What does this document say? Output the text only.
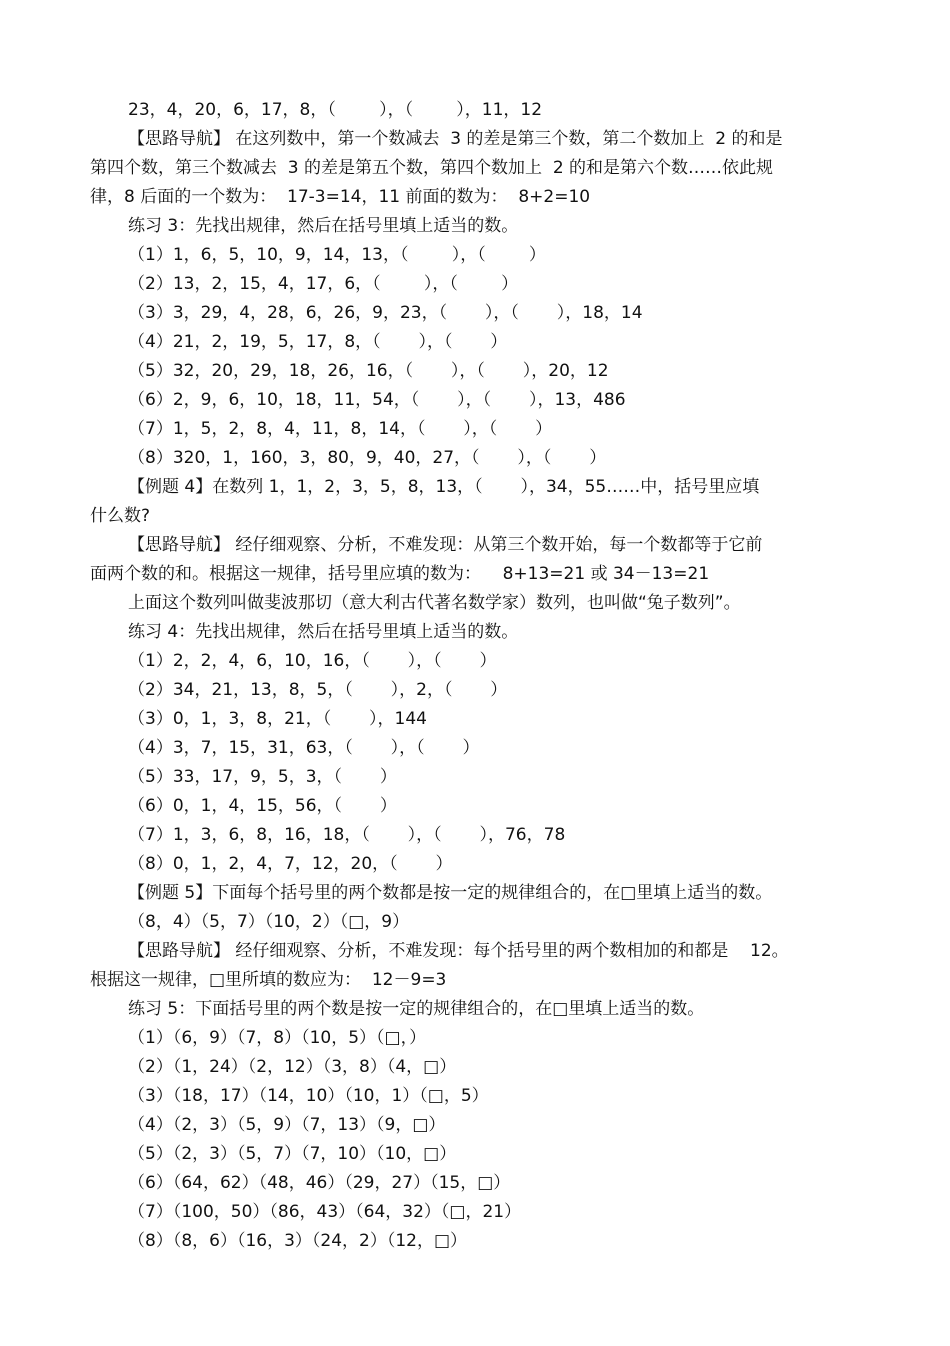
23，4，20，6，17，8，（        ），（        ），11，12
【思路导航】 在这列数中，第一个数减去  3 的差是第三个数，第二个数加上  2 的和是
第四个数，第三个数减去  3 的差是第五个数，第四个数加上  2 的和是第六个数……依此规
律，8 后面的一个数为：  17-3=14，11 前面的数为：  8+2=10
练习 3：先找出规律，然后在括号里填上适当的数。
（1）1，6，5，10，9，14，13，（        ），（        ）
（2）13，2，15，4，17，6，（        ），（        ）
（3）3，29，4，28，6，26，9，23，（       ），（       ），18，14
（4）21，2，19，5，17，8，（       ），（       ）
（5）32，20，29，18，26，16，（       ），（       ），20，12
（6）2，9，6，10，18，11，54，（       ），（       ），13，486
（7）1，5，2，8，4，11，8，14，（       ），（       ）
（8）320，1，160，3，80，9，40，27，（       ），（       ）
【例题 4】在数列 1，1，2，3，5，8，13，（       ），34，55……中，括号里应填
什么数?
【思路导航】 经仔细观察、分析，不难发现：从第三个数开始，每一个数都等于它前
面两个数的和。根据这一规律，括号里应填的数为：    8+13=21 或 34－13=21
上面这个数列叫做斐波那切（意大利古代著名数学家）数列，也叫做“兔子数列”。
练习 4：先找出规律，然后在括号里填上适当的数。
（1）2，2，4，6，10，16，（       ），（       ）
（2）34，21，13，8，5，（       ），2，（       ）
（3）0，1，3，8，21，（       ），144
（4）3，7，15，31，63，（       ），（       ）
（5）33，17，9，5，3，（       ）
（6）0，1，4，15，56，（       ）
（7）1，3，6，8，16，18，（       ），（       ），76，78
（8）0，1，2，4，7，12，20，（       ）
【例题 5】下面每个括号里的两个数都是按一定的规律组合的，在□里填上适当的数。
（8，4）（5，7）（10，2）（□，9）
【思路导航】 经仔细观察、分析，不难发现：每个括号里的两个数相加的和都是    12。
根据这一规律，□里所填的数应为：  12－9=3
练习 5：下面括号里的两个数是按一定的规律组合的，在□里填上适当的数。
（1）（6，9）（7，8）（10，5）（□，）
（2）（1，24）（2，12）（3，8）（4，□）
（3）（18，17）（14，10）（10，1）（□，5）
（4）（2，3）（5，9）（7，13）（9，□）
（5）（2，3）（5，7）（7，10）（10，□）
（6）（64，62）（48，46）（29，27）（15，□）
（7）（100，50）（86，43）（64，32）（□，21）
（8）（8，6）（16，3）（24，2）（12，□）
